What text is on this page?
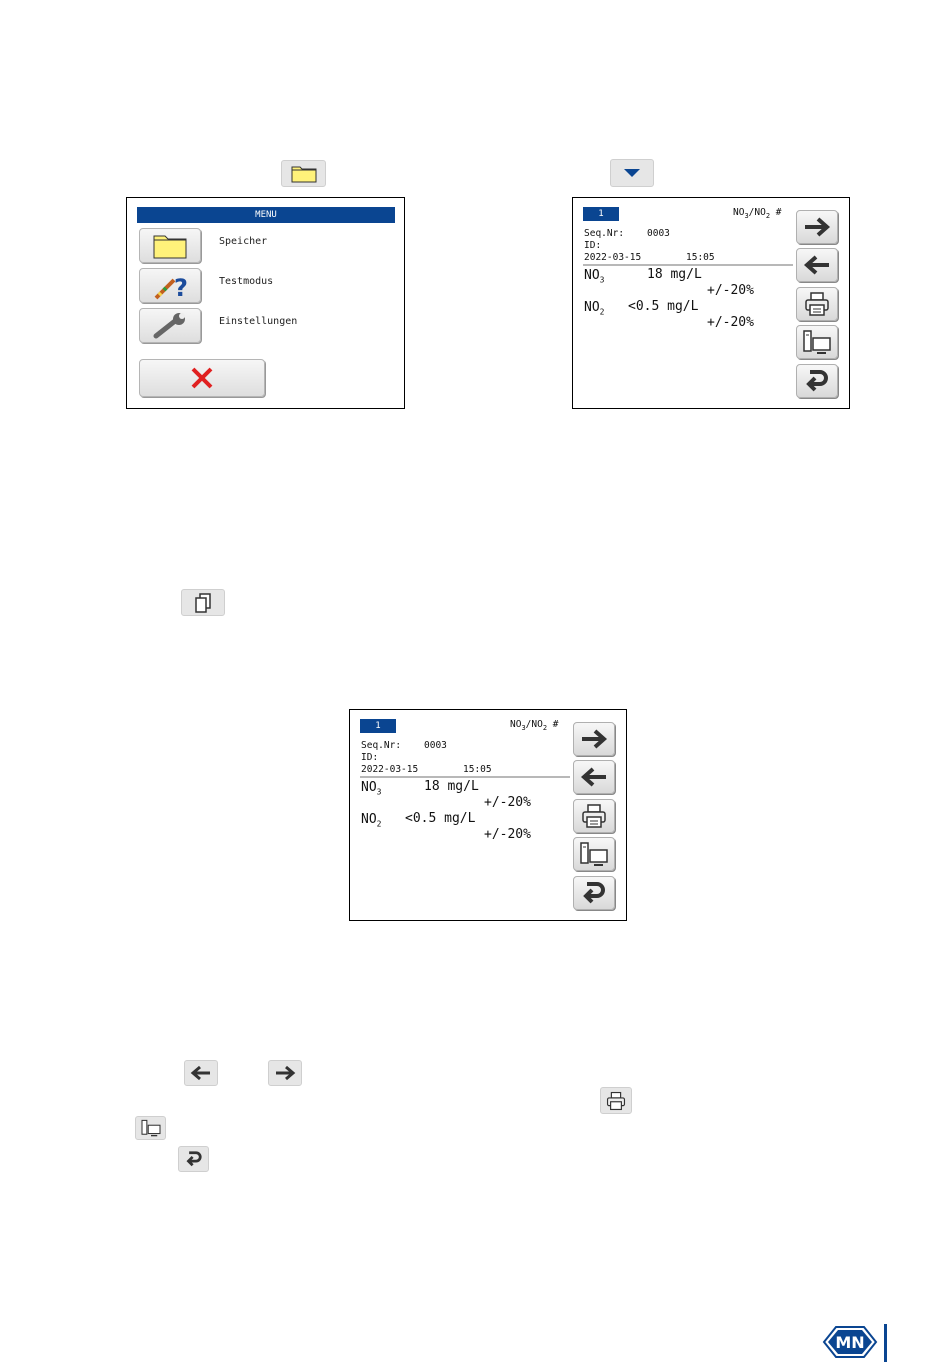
MENU
Speicher
?	Testmodus
Einstellungen
1	$NO_3/NO_2$ #
Seq.Nr: 0003
ID:
2022-03-15	15:05
$NO_3$	18 mg/L
+/-20%
$NO_2 <0.5$ mg/L
+/-20%
1	$NO_3/NO_2$ #
Seq.Nr: 0003
ID:
2022-03-15	15:05
$NO_3$	18 mg/L
+/-20%
$NO_2 <0.5$ mg/L
+/-20%
MN
